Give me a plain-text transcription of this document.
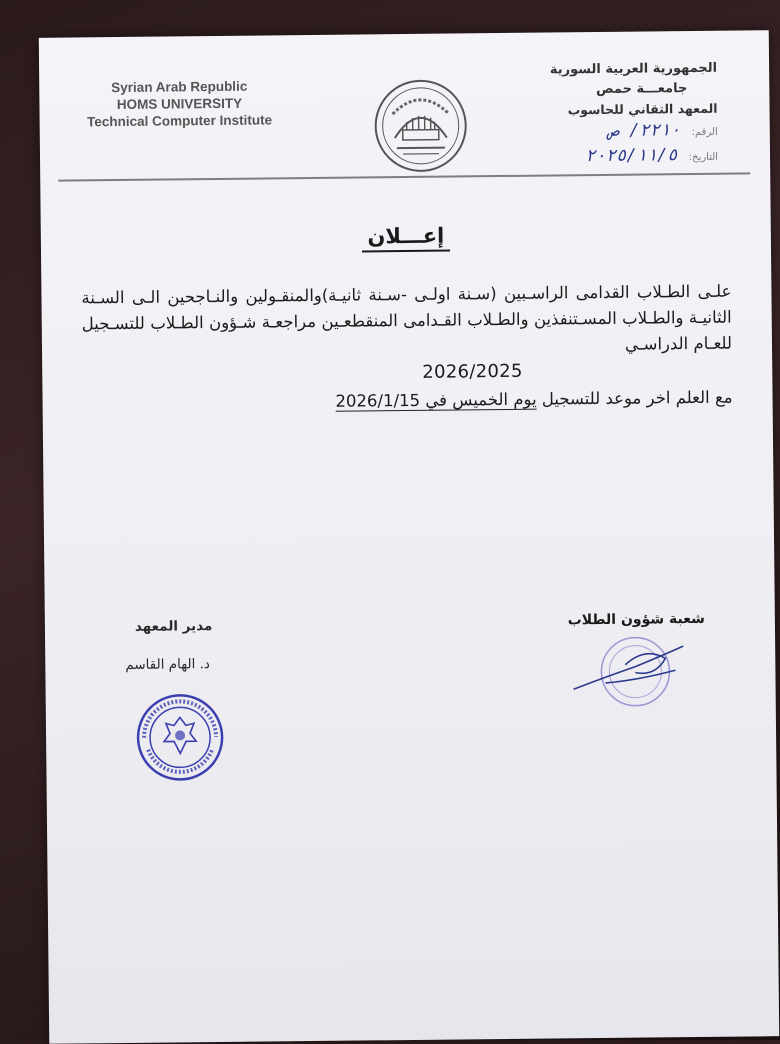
Syrian Arab Republic
HOMS UNIVERSITY
Technical Computer Institute
الجمهورية العربية السورية
جامعـــة حمص
المعهد التقاني للحاسوب
الرقم: ٢٢١٠/ ص
التاريخ: ٢٠٢٥/١١/٥
إعـــلان
علـى الطـلاب القدامى الراسـبين (سـنة اولـى -سـنة ثانيـة)والمنقـولين والنـاجحين الـى السـنة الثانيـة والطـلاب المسـتنفذين والطـلاب القـدامى المنقطعـين مراجعـة شـؤون الطـلاب للتسـجيل للعـام الدراسـي
2026/2025
مع العلم اخر موعد للتسجيل يوم الخميس في 2026/1/15
شعبة شؤون الطلاب
مدير المعهد
د. الهام القاسم
